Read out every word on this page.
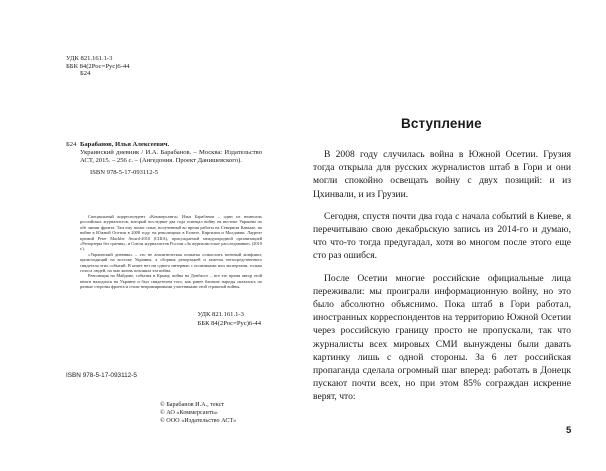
УДК 821.161.1-3
ББК 84(2Рос=Рус)6-44
Б24
Б24 Барабанов, Илья Алексеевич.
Украинский дневник / И.А. Барабанов. – Москва: Издательство АСТ, 2015. – 256 с. – (Ангедония. Проект Данишевского).
ISBN 978-5-17-093112-5

Специальный корреспондент «Коммерсанта» Илья Барабанов – один из немногих российских журналистов, который последние два года освещал войну на востоке Украины по обе линии фронта. Там ему помог опыт, полученный во время работы на Северном Кавказе, на войне в Южной Осетии в 2008 году, на революциях в Египте, Киргизии и Молдавии. Лауреат премий Peter Mackler Award-2010 (США), присуждаемой международной организацией «Репортеры без границ», и Союза журналистов России «За журналистское расследование» (2010 г.).

«Украинский дневник» – это не аналитическая попытка осмыслить военный конфликт, происходящий на востоке Украины, а сборник репортажей и заметок непосредственного свидетеля этих событий. В книге нет ни одного интервью с политиками или экспертами, только голоса людей, на чью жизнь повлияла эта война.

Революция на Майдане, события в Крыму, война на Донбассе – все это время автор этой книги находился на Украине и был свидетелем того, как ранее близкие народы оказались по разные стороны фронта и стали непримиримыми участниками этой страшной войны.

УДК 821.161.1-3
ББК 84(2Рос=Рус)6-44
ISBN 978-5-17-093112-5
© Барабанов И.А., текст
© АО «Коммерсантъ»
© ООО «Издательство АСТ»
Вступление

В 2008 году случилась война в Южной Осетии. Грузия тогда открыла для русских журналистов штаб в Гори и они могли спокойно освещать войну с двух позиций: и из Цхинвали, и из Грузии.

Сегодня, спустя почти два года с начала событий в Киеве, я перечитываю свою декабрьскую запись из 2014-го и думаю, что что-то тогда предугадал, хотя во многом после этого еще сто раз ошибся.

После Осетии многие российские официальные лица переживали: мы проиграли информационную войну, но это было абсолютно объяснимо. Пока штаб в Гори работал, иностранных корреспондентов на территорию Южной Осетии через российскую границу просто не пропускали, так что журналисты всех мировых СМИ вынуждены были давать картинку лишь с одной стороны. За 6 лет российская пропаганда сделала огромный шаг вперед: работать в Донецк пускают почти всех, но при этом 85% сограждан искренне верят, что:

5
